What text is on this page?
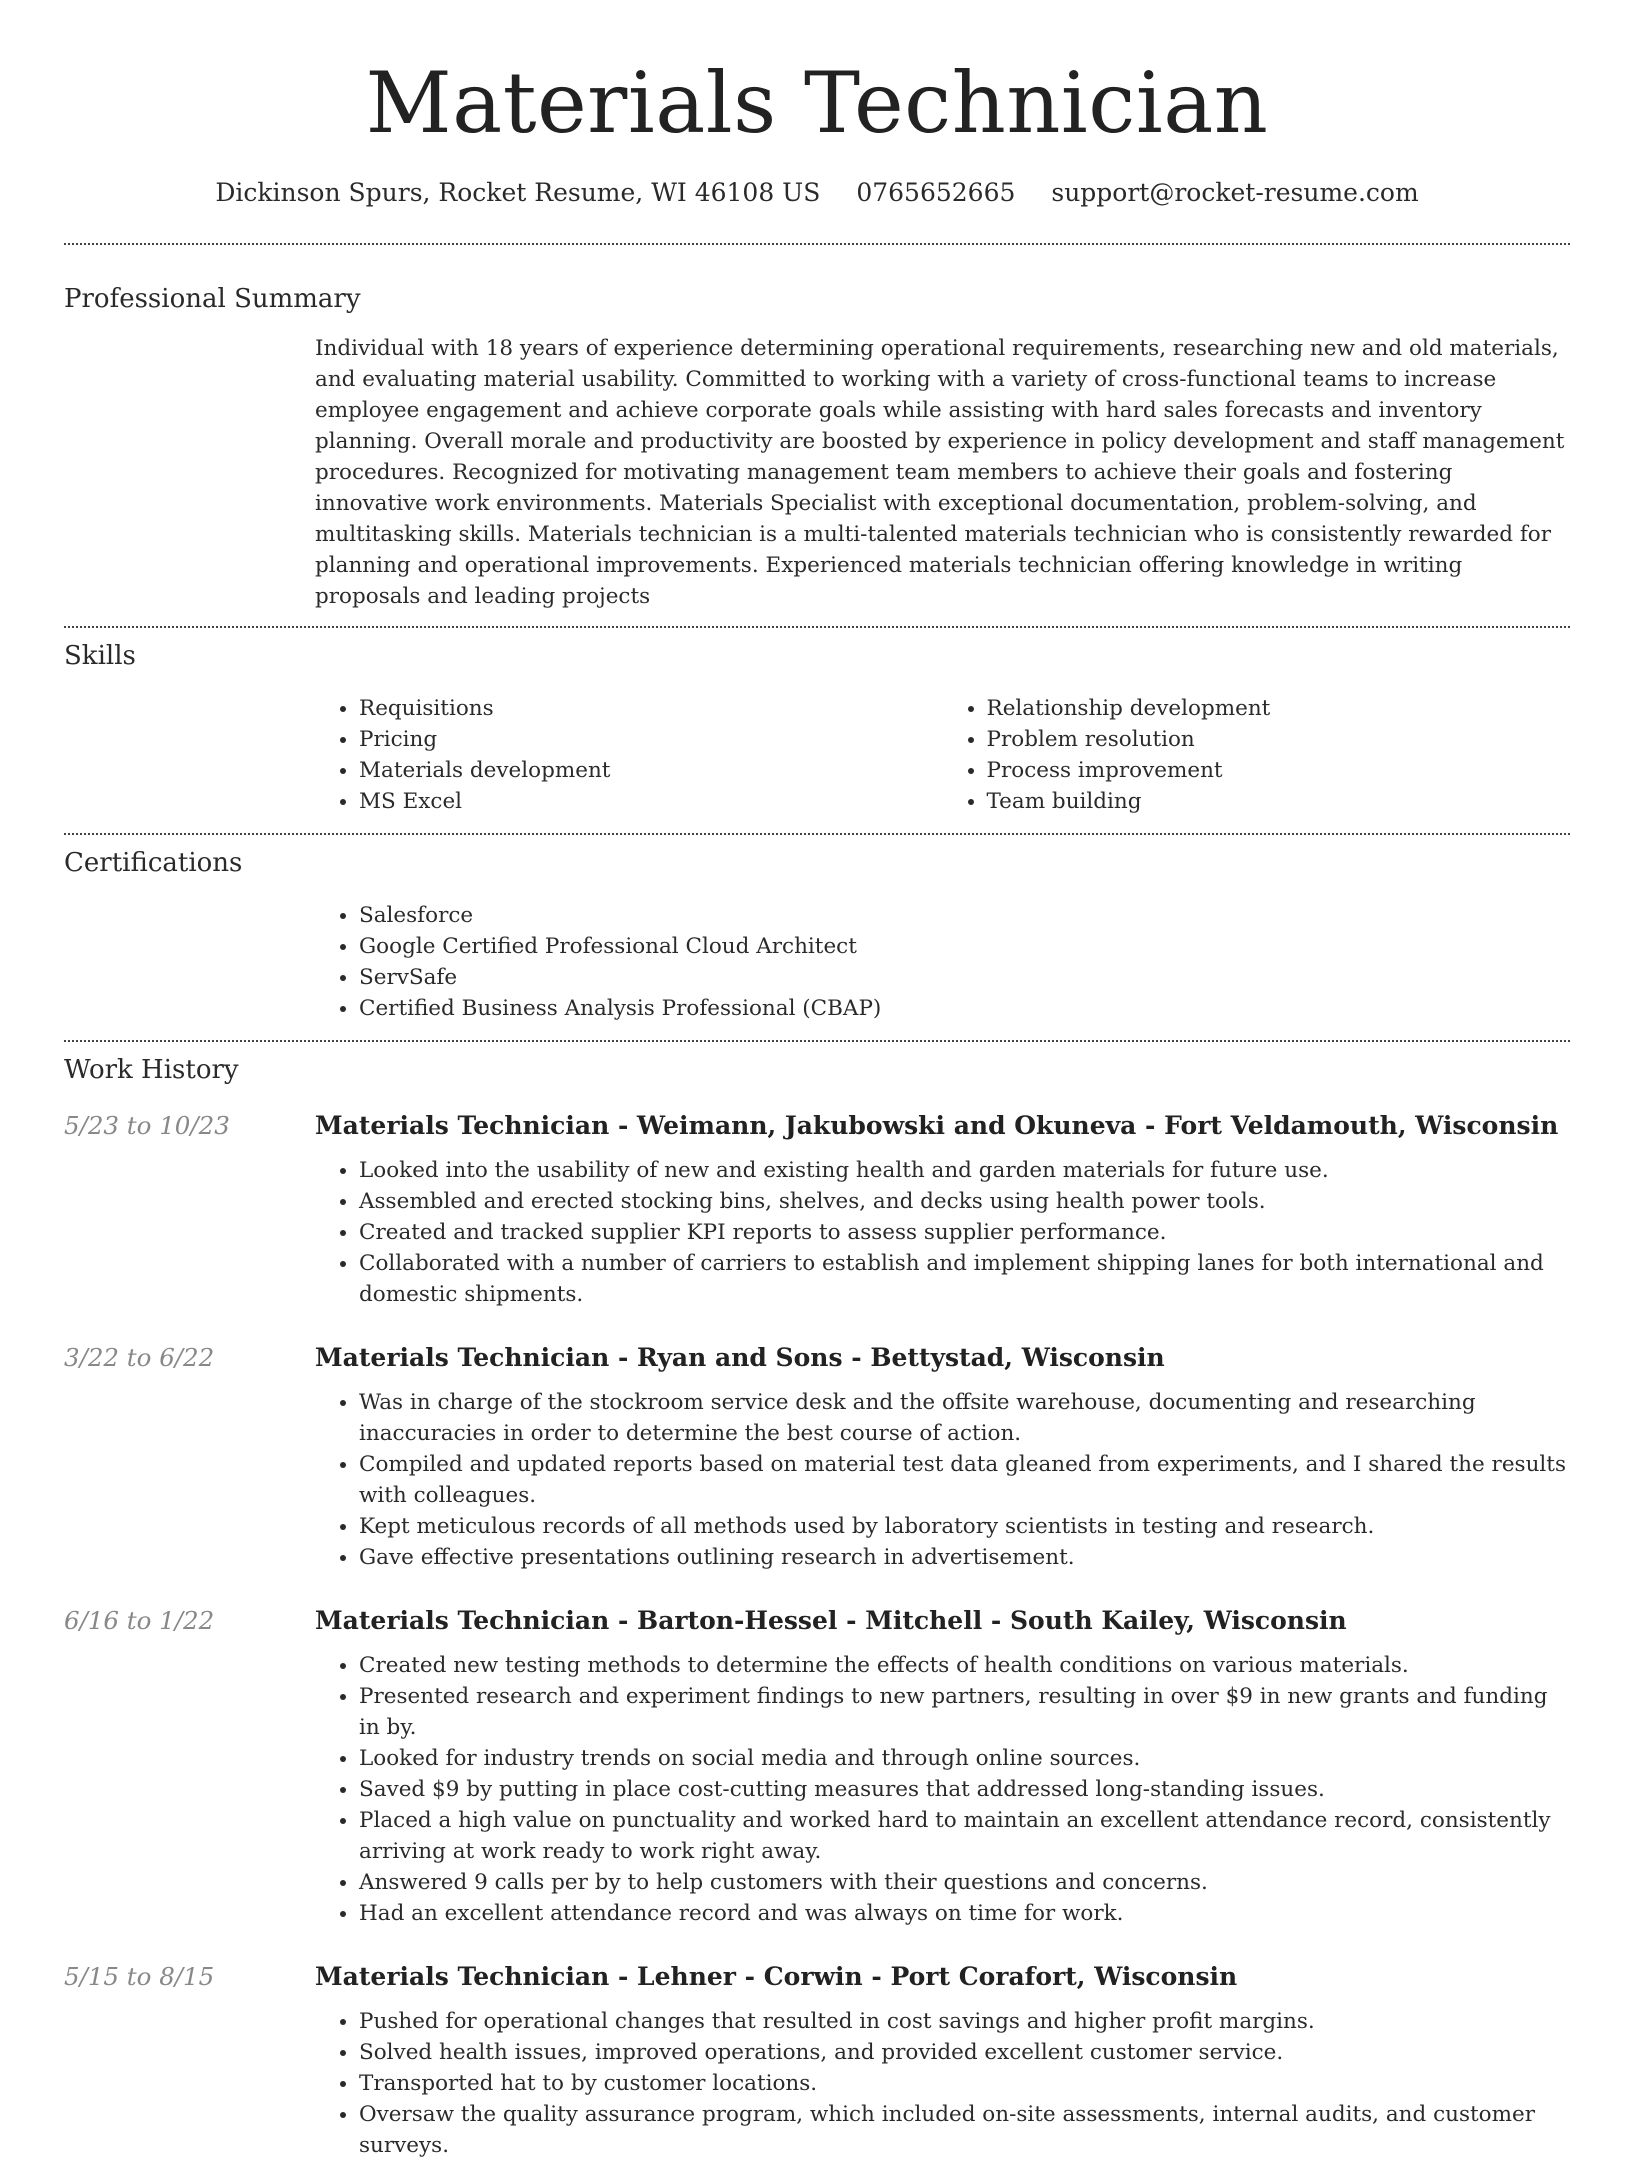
Materials Technician
Dickinson Spurs, Rocket Resume, WI 46108 US 0765652665 support@rocket-resume.com
Professional Summary

Individual with 18 years of experience determining operational requirements, researching new and old materials, and evaluating material usability. Committed to working with a variety of cross-functional teams to increase employee engagement and achieve corporate goals while assisting with hard sales forecasts and inventory planning. Overall morale and productivity are boosted by experience in policy development and staff management procedures. Recognized for motivating management team members to achieve their goals and fostering innovative work environments. Materials Specialist with exceptional documentation, problem-solving, and multitasking skills. Materials technician is a multi-talented materials technician who is consistently rewarded for planning and operational improvements. Experienced materials technician offering knowledge in writing proposals and leading projects

Skills
• Requisitions
• Pricing
• Materials development
• MS Excel
• Relationship development
• Problem resolution
• Process improvement
• Team building
Certifications
• Salesforce
• Google Certified Professional Cloud Architect
• ServSafe
• Certified Business Analysis Professional (CBAP)
Work History
5/23 to 10/23	Materials Technician - Weimann, Jakubowski and Okuneva - Fort Veldamouth, Wisconsin
• Looked into the usability of new and existing health and garden materials for future use.
• Assembled and erected stocking bins, shelves, and decks using health power tools.
• Created and tracked supplier KPI reports to assess supplier performance.
• Collaborated with a number of carriers to establish and implement shipping lanes for both international and domestic shipments.
3/22 to 6/22	Materials Technician - Ryan and Sons - Bettystad, Wisconsin
• Was in charge of the stockroom service desk and the offsite warehouse, documenting and researching inaccuracies in order to determine the best course of action.
• Compiled and updated reports based on material test data gleaned from experiments, and I shared the results with colleagues.
• Kept meticulous records of all methods used by laboratory scientists in testing and research.
• Gave effective presentations outlining research in advertisement.
6/16 to 1/22	Materials Technician - Barton-Hessel - Mitchell - South Kailey, Wisconsin
• Created new testing methods to determine the effects of health conditions on various materials.
• Presented research and experiment findings to new partners, resulting in over $9 in new grants and funding in by.
• Looked for industry trends on social media and through online sources.
• Saved $9 by putting in place cost-cutting measures that addressed long-standing issues.
• Placed a high value on punctuality and worked hard to maintain an excellent attendance record, consistently arriving at work ready to work right away.
• Answered 9 calls per by to help customers with their questions and concerns.
• Had an excellent attendance record and was always on time for work.
5/15 to 8/15	Materials Technician - Lehner - Corwin - Port Corafort, Wisconsin
• Pushed for operational changes that resulted in cost savings and higher profit margins.
• Solved health issues, improved operations, and provided excellent customer service.
• Transported hat to by customer locations.
• Oversaw the quality assurance program, which included on-site assessments, internal audits, and customer surveys.
